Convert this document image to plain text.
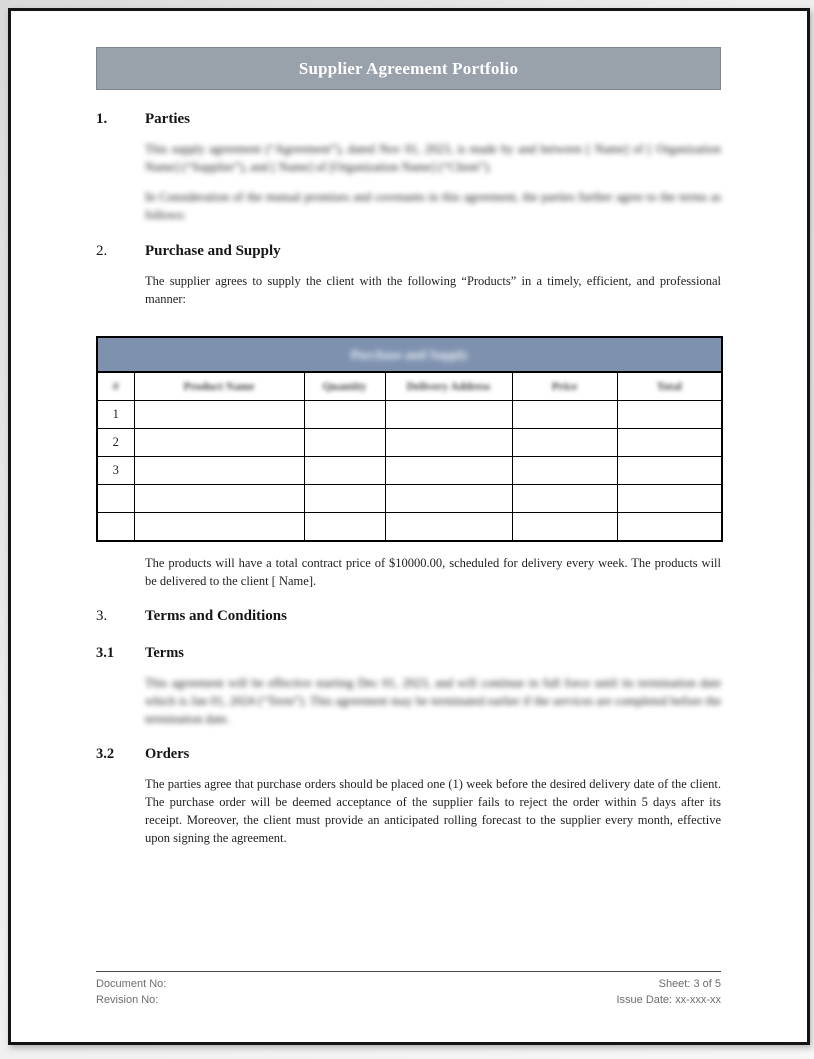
Supplier Agreement Portfolio
1.	Parties

This supply agreement (“Agreement”), dated Nov 01, 2023, is made by and between [ Name] of [ Organization Name] (“Supplier”), and [ Name] of [Organization Name] (“Client”).

In Consideration of the mutual promises and covenants in this agreement, the parties further agree to the terms as follows:

2.	Purchase and Supply

The supplier agrees to supply the client with the following “Products” in a timely, efficient, and professional manner:

Purchase and Supply					
#	Product Name	Quantity	Delivery Address	Price	Total
1					
2					
3					

The products will have a total contract price of $10000.00, scheduled for delivery every week. The products will be delivered to the client [ Name].

3.	Terms and Conditions
3.1	Terms

This agreement will be effective starting Dec 01, 2023, and will continue in full force until its termination date which is Jan 01, 2024 (“Term”). This agreement may be terminated earlier if the services are completed before the termination date.

3.2	Orders

The parties agree that purchase orders should be placed one (1) week before the desired delivery date of the client. The purchase order will be deemed acceptance of the supplier fails to reject the order within 5 days after its receipt. Moreover, the client must provide an anticipated rolling forecast to the supplier every month, effective upon signing the agreement.

Document No:
Revision No:
Sheet: 3 of 5
Issue Date: xx-xxx-xx
